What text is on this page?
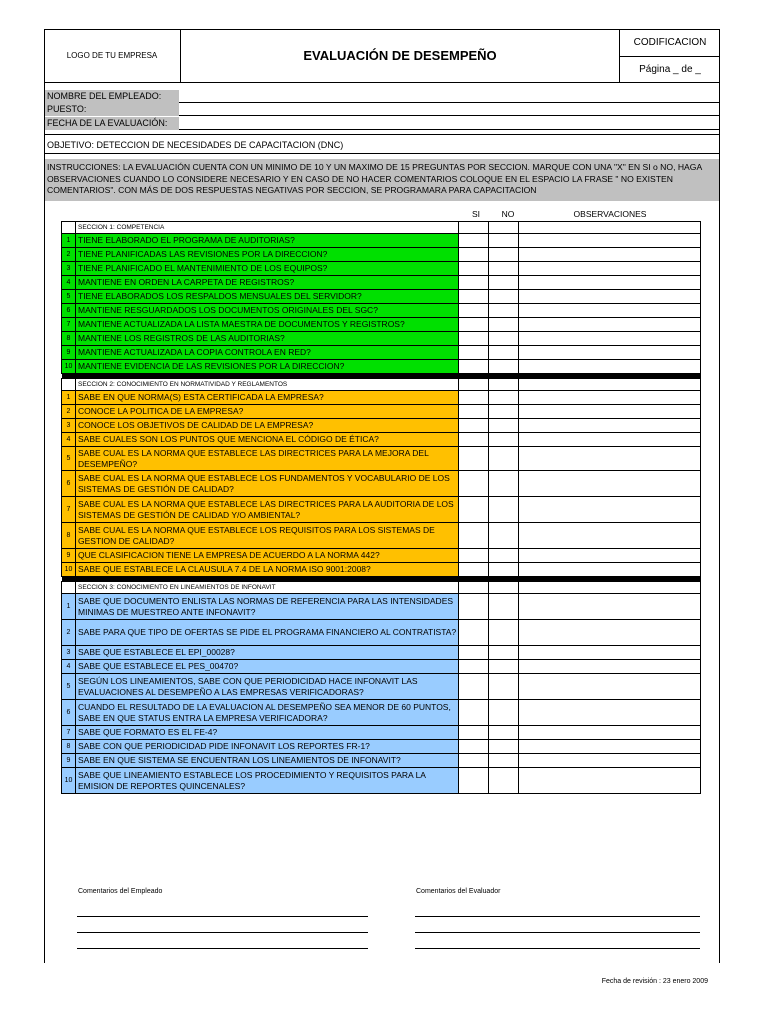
LOGO DE TU EMPRESA	EVALUACIÓN DE DESEMPEÑO
CODIFICACION
Página _ de _
NOMBRE DEL EMPLEADO:
PUESTO:
FECHA DE LA EVALUACIÓN:
OBJETIVO: DETECCION DE NECESIDADES DE CAPACITACION (DNC)
INSTRUCCIONES: LA EVALUACIÓN CUENTA CON UN MINIMO DE 10 Y UN MAXIMO DE 15 PREGUNTAS POR SECCION. MARQUE CON UNA "X" EN SI o NO, HAGA OBSERVACIONES CUANDO LO CONSIDERE NECESARIO Y EN CASO DE NO HACER COMENTARIOS COLOQUE EN EL ESPACIO LA FRASE " NO EXISTEN COMENTARIOS". CON MÁS DE DOS RESPUESTAS NEGATIVAS POR SECCION, SE PROGRAMARA PARA CAPACITACION
SI	NO	OBSERVACIONES
	SECCION 1: COMPETENCIA			
1	TIENE ELABORADO EL PROGRAMA DE AUDITORIAS?			
2	TIENE PLANIFICADAS LAS REVISIONES POR LA DIRECCION?			
3	TIENE PLANIFICADO EL MANTENIMIENTO DE LOS EQUIPOS?			
4	MANTIENE EN ORDEN LA CARPETA DE REGISTROS?			
5	TIENE ELABORADOS LOS RESPALDOS MENSUALES DEL SERVIDOR?			
6	MANTIENE RESGUARDADOS LOS DOCUMENTOS ORIGINALES DEL SGC?			
7	MANTIENE ACTUALIZADA LA LISTA MAESTRA DE DOCUMENTOS Y REGISTROS?			
8	MANTIENE LOS REGISTROS DE LAS AUDITORIAS?			
9	MANTIENE ACTUALIZADA LA COPIA CONTROLA EN RED?			
10	MANTIENE EVIDENCIA DE LAS REVISIONES POR LA DIRECCION?			

	SECCION 2: CONOCIMIENTO EN NORMATIVIDAD Y REGLAMENTOS			
1	SABE EN QUE NORMA(S) ESTA CERTIFICADA LA EMPRESA?			
2	CONOCE LA POLITICA DE LA EMPRESA?			
3	CONOCE LOS OBJETIVOS DE CALIDAD DE LA EMPRESA?			
4	SABE CUALES SON LOS PUNTOS QUE MENCIONA EL CÓDIGO DE ÉTICA?			
5	SABE CUAL ES LA NORMA QUE ESTABLECE LAS DIRECTRICES PARA LA MEJORA DEL DESEMPEÑO?			
6	SABE CUAL ES LA NORMA QUE ESTABLECE LOS FUNDAMENTOS Y VOCABULARIO DE LOS SISTEMAS DE GESTIÓN DE CALIDAD?			
7	SABE CUAL ES LA NORMA QUE ESTABLECE LAS DIRECTRICES PARA LA AUDITORIA DE LOS SISTEMAS DE GESTIÓN DE CALIDAD Y/O AMBIENTAL?			
8	SABE CUAL ES LA NORMA QUE ESTABLECE LOS REQUISITOS PARA LOS SISTEMAS DE GESTION DE CALIDAD?			
9	QUE CLASIFICACION TIENE LA EMPRESA DE ACUERDO A LA NORMA 442?			
10	SABE QUE ESTABLECE LA CLAUSULA 7.4 DE LA NORMA ISO 9001:2008?			

	SECCION 3: CONOCIMIENTO EN LINEAMIENTOS DE INFONAVIT			
1	SABE QUE DOCUMENTO ENLISTA LAS NORMAS DE REFERENCIA PARA LAS INTENSIDADES MINIMAS DE MUESTREO ANTE INFONAVIT?			
2	SABE PARA QUE TIPO DE OFERTAS SE PIDE EL PROGRAMA FINANCIERO AL CONTRATISTA?			
3	SABE QUE ESTABLECE EL EPI_00028?			
4	SABE QUE ESTABLECE EL PES_00470?			
5	SEGÚN LOS LINEAMIENTOS, SABE CON QUE PERIODICIDAD HACE INFONAVIT LAS EVALUACIONES AL DESEMPEÑO A LAS EMPRESAS VERIFICADORAS?			
6	CUANDO EL RESULTADO DE LA EVALUACION AL DESEMPEÑO SEA MENOR DE 60 PUNTOS, SABE EN QUE STATUS ENTRA LA EMPRESA VERIFICADORA?			
7	SABE QUE FORMATO ES EL FE-4?			
8	SABE CON QUE PERIODICIDAD PIDE INFONAVIT LOS REPORTES FR-1?			
9	SABE EN QUE SISTEMA SE ENCUENTRAN LOS LINEAMIENTOS DE INFONAVIT?			
10	SABE QUE LINEAMIENTO ESTABLECE LOS PROCEDIMIENTO Y REQUISITOS PARA LA EMISION DE REPORTES QUINCENALES?			
Comentarios del Empleado	Comentarios del Evaluador
Fecha de revisión : 23 enero 2009
